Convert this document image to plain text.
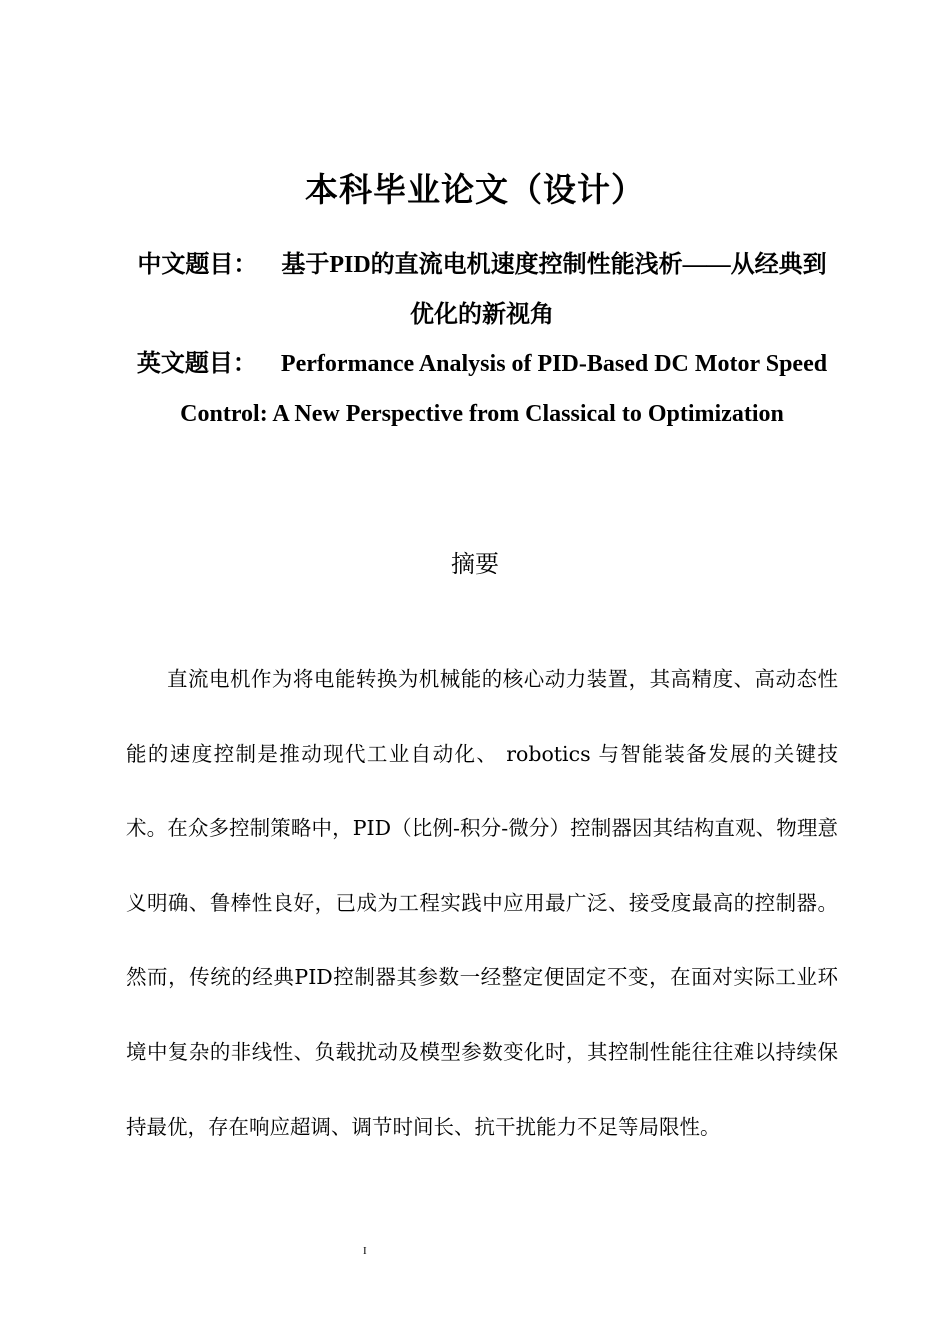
本科毕业论文（设计）
中文题目： 基于PID的直流电机速度控制性能浅析——从经典到优化的新视角
英文题目： Performance Analysis of PID-Based DC Motor Speed Control: A New Perspective from Classical to Optimization
摘要

直流电机作为将电能转换为机械能的核心动力装置，其高精度、高动态性能的速度控制是推动现代工业自动化、 robotics 与智能装备发展的关键技术。在众多控制策略中，PID（比例-积分-微分）控制器因其结构直观、物理意义明确、鲁棒性良好，已成为工程实践中应用最广泛、接受度最高的控制器。然而，传统的经典PID控制器其参数一经整定便固定不变，在面对实际工业环境中复杂的非线性、负载扰动及模型参数变化时，其控制性能往往难以持续保持最优，存在响应超调、调节时间长、抗干扰能力不足等局限性。

I
